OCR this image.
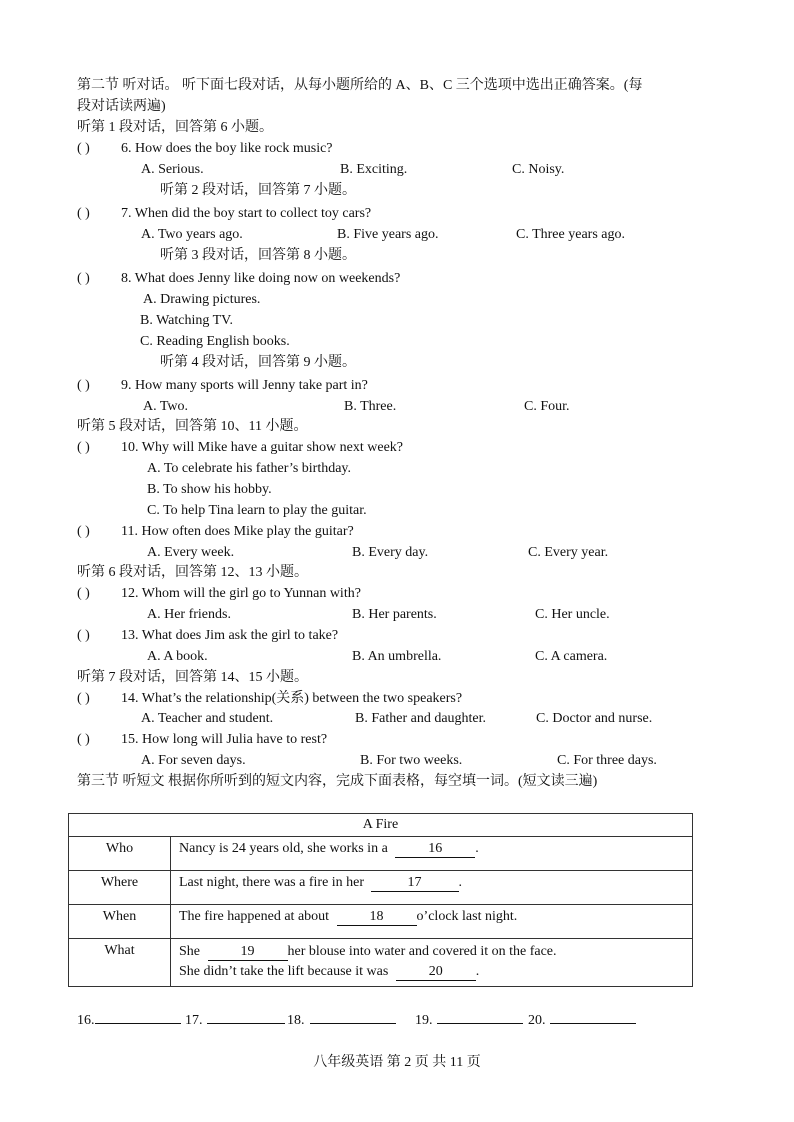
第二节 听对话。 听下面七段对话，从每小题所给的 A、B、C 三个选项中选出正确答案。(每
段对话读两遍)
听第 1 段对话，回答第 6 小题。
( ) 6. How does the boy like rock music?
A. Serious.	B. Exciting.	C. Noisy.
听第 2 段对话，回答第 7 小题。
( ) 7. When did the boy start to collect toy cars?
A. Two years ago.	B. Five years ago.	C. Three years ago.
听第 3 段对话，回答第 8 小题。
( ) 8. What does Jenny like doing now on weekends?
A. Drawing pictures.
B. Watching TV.
C. Reading English books.
听第 4 段对话，回答第 9 小题。
( ) 9. How many sports will Jenny take part in?
A. Two.	B. Three.	C. Four.
听第 5 段对话，回答第 10、11 小题。
( ) 10. Why will Mike have a guitar show next week?
A. To celebrate his father’s birthday.
B. To show his hobby.
C. To help Tina learn to play the guitar.
( ) 11. How often does Mike play the guitar?
A. Every week.	B. Every day.	C. Every year.
听第 6 段对话，回答第 12、13 小题。
( ) 12. Whom will the girl go to Yunnan with?
A. Her friends.	B. Her parents.	C. Her uncle.
( ) 13. What does Jim ask the girl to take?
A. A book.	B. An umbrella.	C. A camera.
听第 7 段对话，回答第 14、15 小题。
( ) 14. What’s the relationship(关系) between the two speakers?
A. Teacher and student.	B. Father and daughter.	C. Doctor and nurse.
( ) 15. How long will Julia have to rest?
A. For seven days.	B. For two weeks.	C. For three days.
第三节 听短文 根据你所听到的短文内容，完成下面表格，每空填一词。(短文读三遍)
A Fire	
Who	Nancy is 24 years old, she works in a 16 .
Where	Last night, there was a fire in her 17 .
When	The fire happened at about 18 o’clock last night.
What	She 19 her blouse into water and covered it on the face.
She didn’t take the lift because it was 20 .
16.	17.	18.	19.	20.
八年级英语 第 2 页 共 11 页
